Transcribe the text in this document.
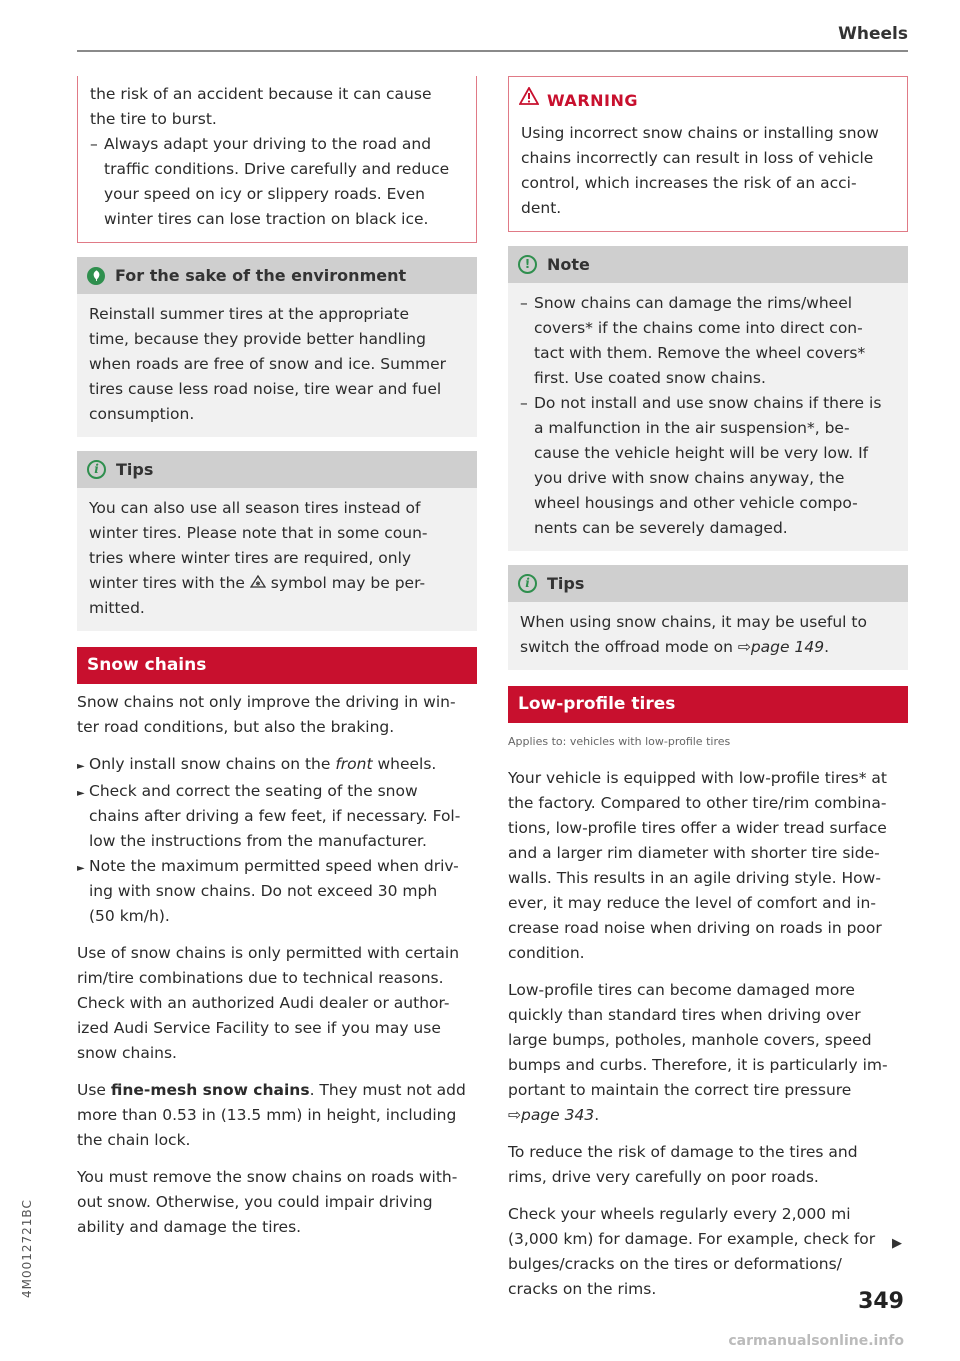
Wheels
the risk of an accident because it can cause
the tire to burst.
– Always adapt your driving to the road and
traffic conditions. Drive carefully and reduce
your speed on icy or slippery roads. Even
winter tires can lose traction on black ice.
For the sake of the environment
Reinstall summer tires at the appropriate
time, because they provide better handling
when roads are free of snow and ice. Summer
tires cause less road noise, tire wear and fuel
consumption.
i	Tips
You can also use all season tires instead of
winter tires. Please note that in some coun-
tries where winter tires are required, only
winter tires with the  symbol may be per-
mitted.
Snow chains
Snow chains not only improve the driving in win-
ter road conditions, but also the braking.
► Only install snow chains on the front wheels.
► Check and correct the seating of the snow
chains after driving a few feet, if necessary. Fol-
low the instructions from the manufacturer.
► Note the maximum permitted speed when driv-
ing with snow chains. Do not exceed 30 mph
(50 km/h).
Use of snow chains is only permitted with certain
rim/tire combinations due to technical reasons.
Check with an authorized Audi dealer or author-
ized Audi Service Facility to see if you may use
snow chains.
Use fine-mesh snow chains. They must not add
more than 0.53 in (13.5 mm) in height, including
the chain lock.
You must remove the snow chains on roads with-
out snow. Otherwise, you could impair driving
ability and damage the tires.
WARNING
Using incorrect snow chains or installing snow
chains incorrectly can result in loss of vehicle
control, which increases the risk of an acci-
dent.
!	Note
– Snow chains can damage the rims/wheel
covers* if the chains come into direct con-
tact with them. Remove the wheel covers*
first. Use coated snow chains.
– Do not install and use snow chains if there is
a malfunction in the air suspension*, be-
cause the vehicle height will be very low. If
you drive with snow chains anyway, the
wheel housings and other vehicle compo-
nents can be severely damaged.
i	Tips
When using snow chains, it may be useful to
switch the offroad mode on ⇨page 149.
Low-profile tires
Applies to: vehicles with low-profile tires
Your vehicle is equipped with low-profile tires* at
the factory. Compared to other tire/rim combina-
tions, low-profile tires offer a wider tread surface
and a larger rim diameter with shorter tire side-
walls. This results in an agile driving style. How-
ever, it may reduce the level of comfort and in-
crease road noise when driving on roads in poor
condition.
Low-profile tires can become damaged more
quickly than standard tires when driving over
large bumps, potholes, manhole covers, speed
bumps and curbs. Therefore, it is particularly im-
portant to maintain the correct tire pressure
⇨page 343.
To reduce the risk of damage to the tires and
rims, drive very carefully on poor roads.
Check your wheels regularly every 2,000 mi
(3,000 km) for damage. For example, check for
bulges/cracks on the tires or deformations/
cracks on the rims.
▶
4M0012721BC
349
carmanualsonline.info
